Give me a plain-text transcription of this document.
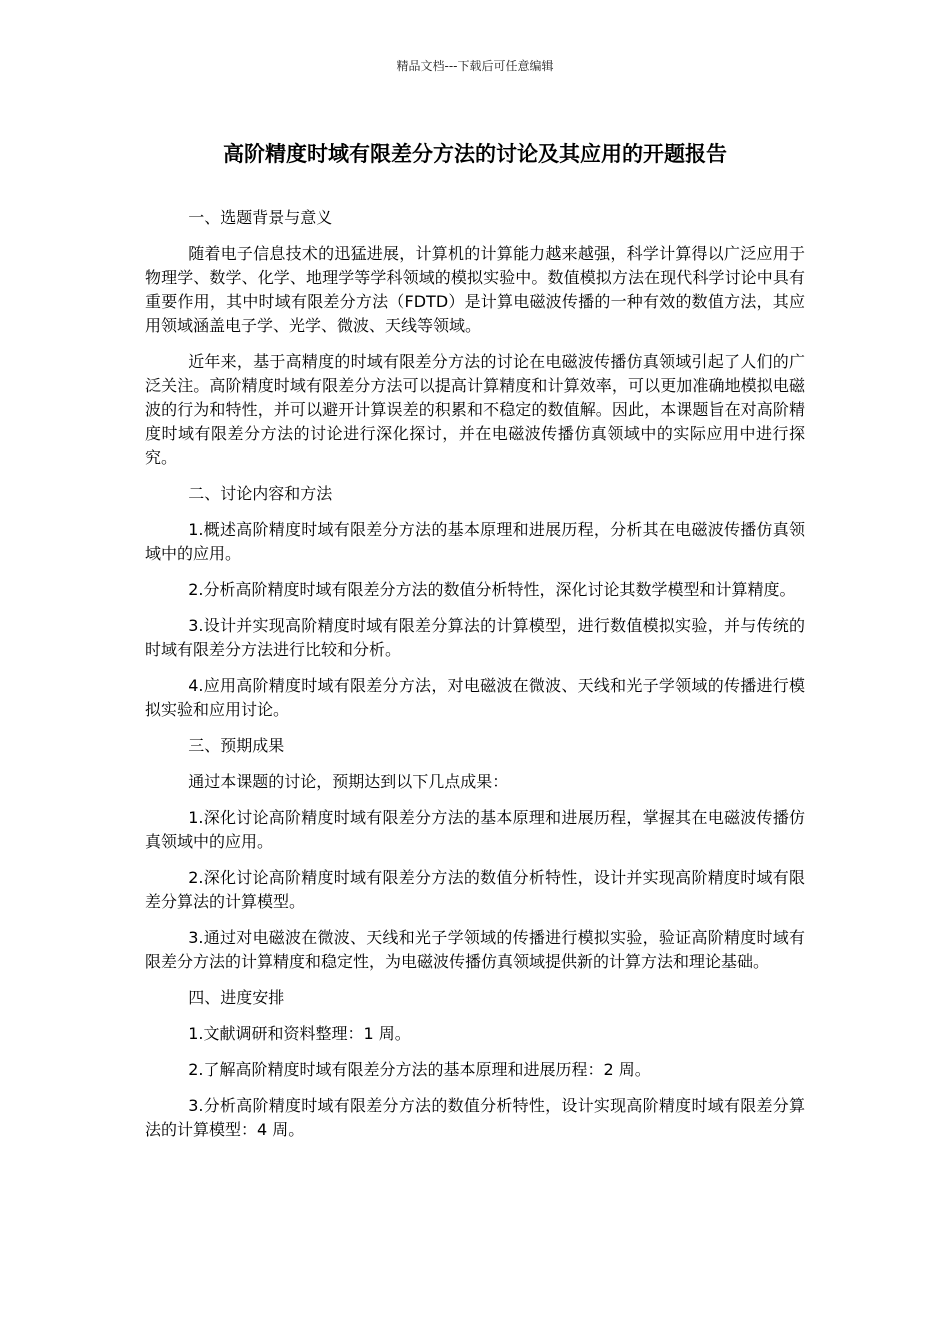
精品文档---下载后可任意编辑
高阶精度时域有限差分方法的讨论及其应用的开题报告

一、选题背景与意义

随着电子信息技术的迅猛进展，计算机的计算能力越来越强，科学计算得以广泛应用于物理学、数学、化学、地理学等学科领域的模拟实验中。数值模拟方法在现代科学讨论中具有重要作用，其中时域有限差分方法（FDTD）是计算电磁波传播的一种有效的数值方法，其应用领域涵盖电子学、光学、微波、天线等领域。

近年来，基于高精度的时域有限差分方法的讨论在电磁波传播仿真领域引起了人们的广泛关注。高阶精度时域有限差分方法可以提高计算精度和计算效率，可以更加准确地模拟电磁波的行为和特性，并可以避开计算误差的积累和不稳定的数值解。因此，本课题旨在对高阶精度时域有限差分方法的讨论进行深化探讨，并在电磁波传播仿真领域中的实际应用中进行探究。

二、讨论内容和方法

1.概述高阶精度时域有限差分方法的基本原理和进展历程，分析其在电磁波传播仿真领域中的应用。

2.分析高阶精度时域有限差分方法的数值分析特性，深化讨论其数学模型和计算精度。

3.设计并实现高阶精度时域有限差分算法的计算模型，进行数值模拟实验，并与传统的时域有限差分方法进行比较和分析。

4.应用高阶精度时域有限差分方法，对电磁波在微波、天线和光子学领域的传播进行模拟实验和应用讨论。

三、预期成果

通过本课题的讨论，预期达到以下几点成果：

1.深化讨论高阶精度时域有限差分方法的基本原理和进展历程，掌握其在电磁波传播仿真领域中的应用。

2.深化讨论高阶精度时域有限差分方法的数值分析特性，设计并实现高阶精度时域有限差分算法的计算模型。

3.通过对电磁波在微波、天线和光子学领域的传播进行模拟实验，验证高阶精度时域有限差分方法的计算精度和稳定性，为电磁波传播仿真领域提供新的计算方法和理论基础。

四、进度安排

1.文献调研和资料整理：1 周。

2.了解高阶精度时域有限差分方法的基本原理和进展历程：2 周。

3.分析高阶精度时域有限差分方法的数值分析特性，设计实现高阶精度时域有限差分算法的计算模型：4 周。
